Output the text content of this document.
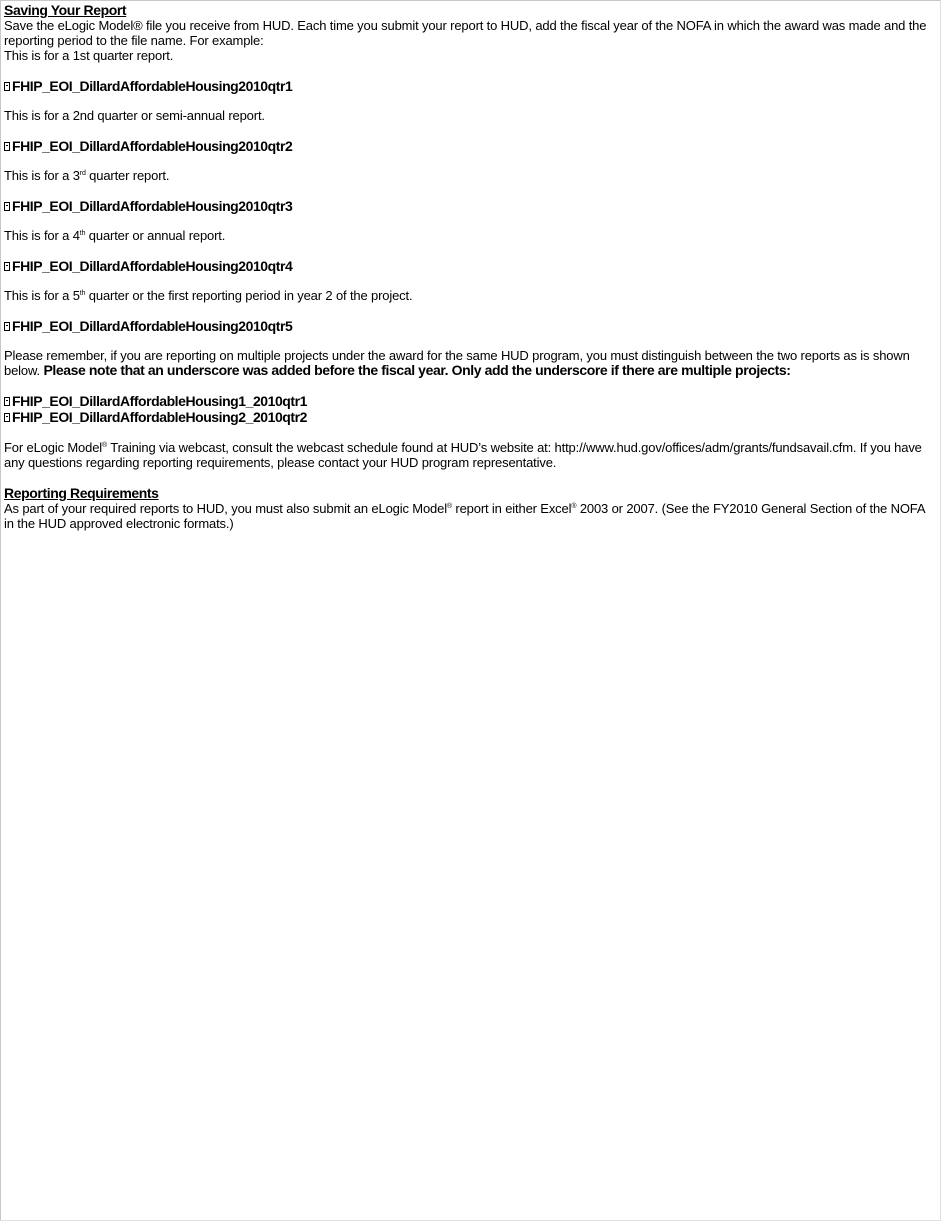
Saving Your Report

Save the eLogic Model® file you receive from HUD. Each time you submit your report to HUD, add the fiscal year of the NOFA in which the award was made and the reporting period to the file name. For example:

This is for a 1st quarter report.

FHIP_EOI_DillardAffordableHousing2010qtr1

This is for a 2nd quarter or semi-annual report.

FHIP_EOI_DillardAffordableHousing2010qtr2

This is for a 3rd quarter report.

FHIP_EOI_DillardAffordableHousing2010qtr3

This is for a 4th quarter or annual report.

FHIP_EOI_DillardAffordableHousing2010qtr4

This is for a 5th quarter or the first reporting period in year 2 of the project.

FHIP_EOI_DillardAffordableHousing2010qtr5

Please remember, if you are reporting on multiple projects under the award for the same HUD program, you must distinguish between the two reports as is shown below. Please note that an underscore was added before the fiscal year. Only add the underscore if there are multiple projects:

FHIP_EOI_DillardAffordableHousing1_2010qtr1
FHIP_EOI_DillardAffordableHousing2_2010qtr2

For eLogic Model® Training via webcast, consult the webcast schedule found at HUD’s website at: http://www.hud.gov/offices/adm/grants/fundsavail.cfm. If you have any questions regarding reporting requirements, please contact your HUD program representative.

Reporting Requirements

As part of your required reports to HUD, you must also submit an eLogic Model® report in either Excel® 2003 or 2007. (See the FY2010 General Section of the NOFA in the HUD approved electronic formats.)
